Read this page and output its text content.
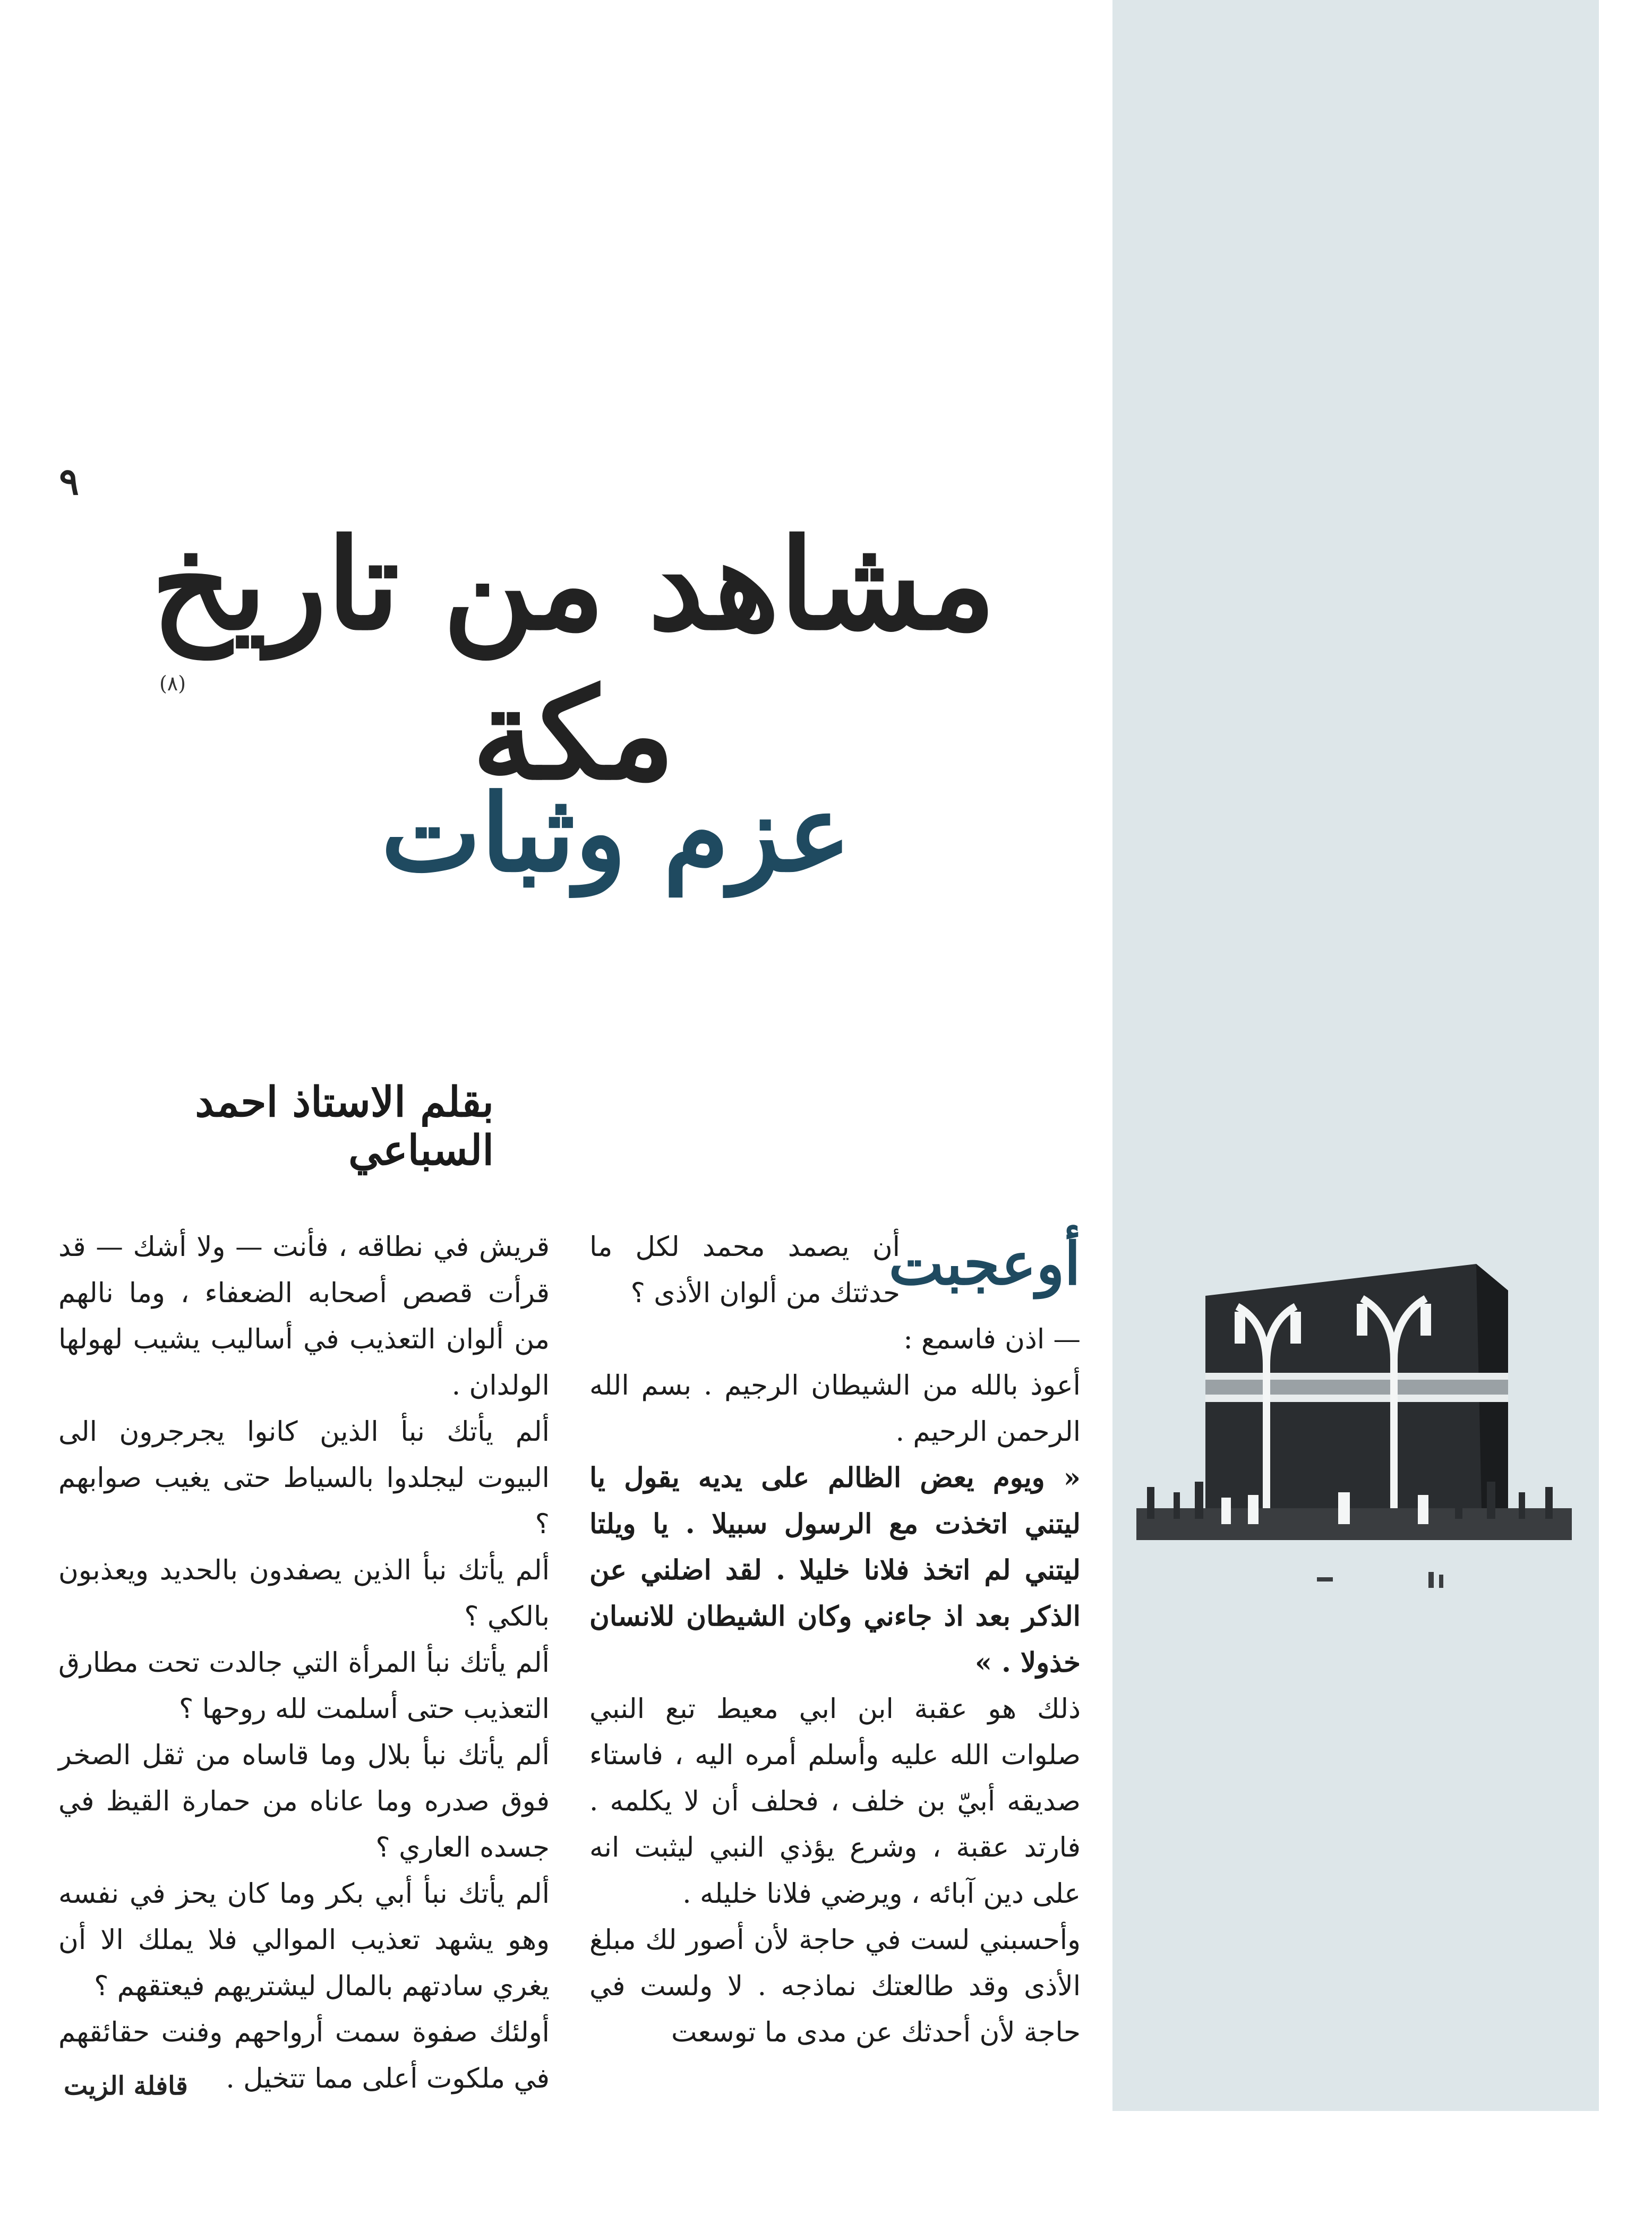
٩
مشاهد من تاريخ مكة
(٨)
عزم وثبات
بقلم الاستاذ احمد السباعي
أوعجبت

أن يصمد محمد لكل ما حدثتك من ألوان الأذى ؟

— اذن فاسمع :

أعوذ بالله من الشيطان الرجيم . بسم الله الرحمن الرحيم .

« ويوم يعض الظالم على يديه يقول يا ليتني اتخذت مع الرسول سبيلا . يا ويلتا ليتني لم اتخذ فلانا خليلا . لقد اضلني عن الذكر بعد اذ جاءني وكان الشيطان للانسان خذولا . »

ذلك هو عقبة ابن ابي معيط تبع النبي صلوات الله عليه وأسلم أمره اليه ، فاستاء صديقه أبيّ بن خلف ، فحلف أن لا يكلمه . فارتد عقبة ، وشرع يؤذي النبي ليثبت انه على دين آبائه ، ويرضي فلانا خليله .

وأحسبني لست في حاجة لأن أصور لك مبلغ الأذى وقد طالعتك نماذجه . لا ولست في حاجة لأن أحدثك عن مدى ما توسعت

قريش في نطاقه ، فأنت — ولا أشك — قد قرأت قصص أصحابه الضعفاء ، وما نالهم من ألوان التعذيب في أساليب يشيب لهولها الولدان .

ألم يأتك نبأ الذين كانوا يجرجرون الى البيوت ليجلدوا بالسياط حتى يغيب صوابهم ؟

ألم يأتك نبأ الذين يصفدون بالحديد ويعذبون بالكي ؟

ألم يأتك نبأ المرأة التي جالدت تحت مطارق التعذيب حتى أسلمت لله روحها ؟

ألم يأتك نبأ بلال وما قاساه من ثقل الصخر فوق صدره وما عاناه من حمارة القيظ في جسده العاري ؟

ألم يأتك نبأ أبي بكر وما كان يحز في نفسه وهو يشهد تعذيب الموالي فلا يملك الا أن يغري سادتهم بالمال ليشتريهم فيعتقهم ؟

أولئك صفوة سمت أرواحهم وفنت حقائقهم في ملكوت أعلى مما تتخيل .

قافلة الزيت
